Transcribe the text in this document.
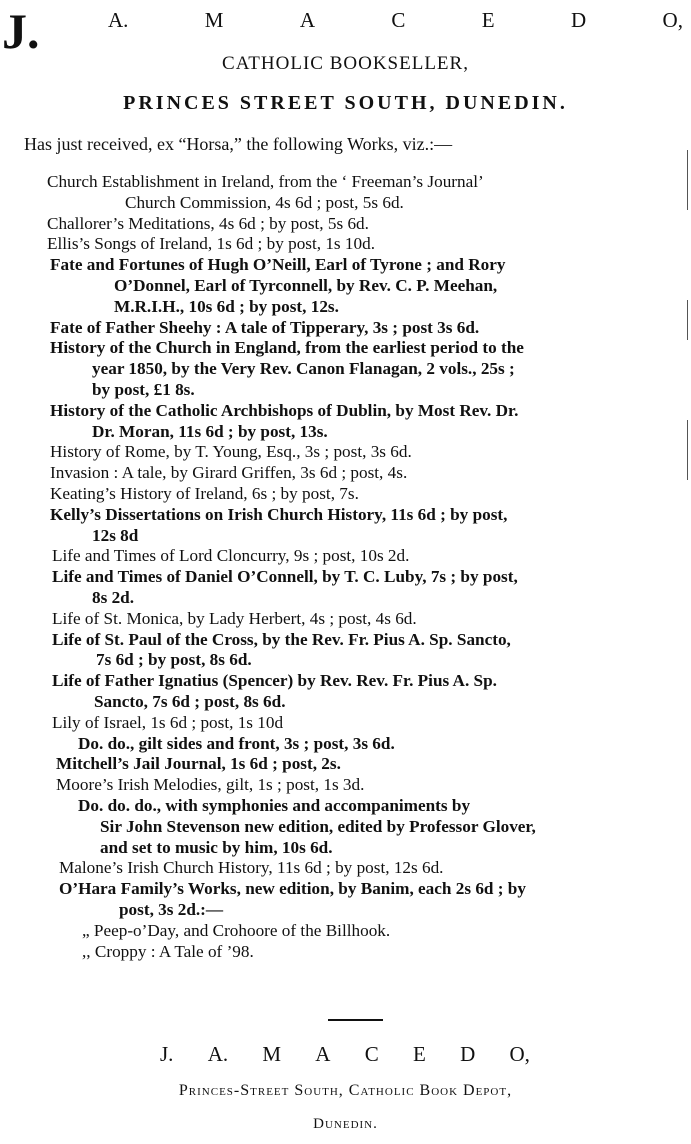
J.	A.	M	A	C	E	D	O,
CATHOLIC BOOKSELLER,
PRINCES STREET SOUTH, DUNEDIN.
Has just received, ex “Horsa,” the following Works, viz.:—
Church Establishment in Ireland, from the ‘ Freeman’s Journal’
Church Commission, 4s 6d ; post, 5s 6d.
Challorer’s Meditations, 4s 6d ; by post, 5s 6d.
Ellis’s Songs of Ireland, 1s 6d ; by post, 1s 10d.
Fate and Fortunes of Hugh O’Neill, Earl of Tyrone ; and Rory
O’Donnel, Earl of Tyrconnell, by Rev. C. P. Meehan,
M.R.I.H., 10s 6d ; by post, 12s.
Fate of Father Sheehy : A tale of Tipperary, 3s ; post 3s 6d.
History of the Church in England, from the earliest period to the
year 1850, by the Very Rev. Canon Flanagan, 2 vols., 25s ;
by post, £1 8s.
History of the Catholic Archbishops of Dublin, by Most Rev. Dr.
Dr. Moran, 11s 6d ; by post, 13s.
History of Rome, by T. Young, Esq., 3s ; post, 3s 6d.
Invasion : A tale, by Girard Griffen, 3s 6d ; post, 4s.
Keating’s History of Ireland, 6s ; by post, 7s.
Kelly’s Dissertations on Irish Church History, 11s 6d ; by post,
12s 8d
Life and Times of Lord Cloncurry, 9s ; post, 10s 2d.
Life and Times of Daniel O’Connell, by T. C. Luby, 7s ; by post,
8s 2d.
Life of St. Monica, by Lady Herbert, 4s ; post, 4s 6d.
Life of St. Paul of the Cross, by the Rev. Fr. Pius A. Sp. Sancto,
7s 6d ; by post, 8s 6d.
Life of Father Ignatius (Spencer) by Rev. Rev. Fr. Pius A. Sp.
Sancto, 7s 6d ; post, 8s 6d.
Lily of Israel, 1s 6d ; post, 1s 10d
Do. do., gilt sides and front, 3s ; post, 3s 6d.
Mitchell’s Jail Journal, 1s 6d ; post, 2s.
Moore’s Irish Melodies, gilt, 1s ; post, 1s 3d.
Do. do. do., with symphonies and accompaniments by
Sir John Stevenson new edition, edited by Professor Glover,
and set to music by him, 10s 6d.
Malone’s Irish Church History, 11s 6d ; by post, 12s 6d.
O’Hara Family’s Works, new edition, by Banim, each 2s 6d ; by
post, 3s 2d.:—
„ Peep-o’Day, and Crohoore of the Billhook.
,, Croppy : A Tale of ’98.
J. A. M A C E D O,
Princes-Street South, Catholic Book Depot,
Dunedin.
